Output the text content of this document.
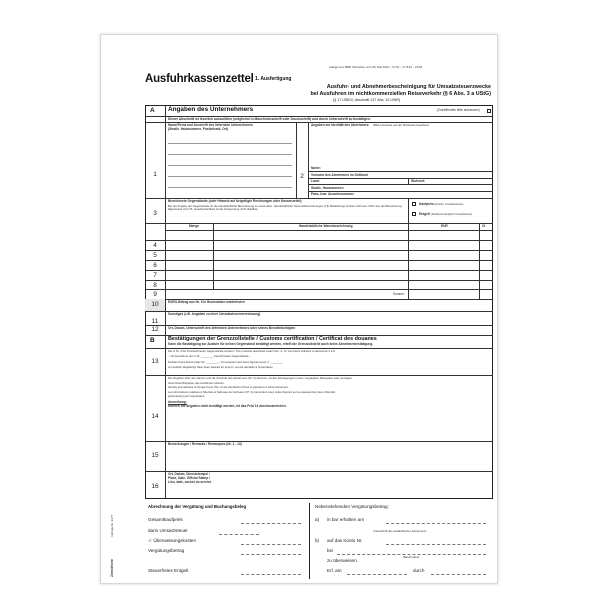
Anlage zum BMF-Schreiben vom 26. Mai 2004 – IV D1 – S 7133 – 21/04
Ausfuhrkassenzettel 1. Ausfertigung
Ausfuhr- und Abnehmerbescheinigung für Umsatzsteuerzwecke
bei Ausfuhren im nichtkommerziellen Reiseverkehr (§ 6 Abs. 3 a UStG)
(§ 17 UStDV, Abschnitt 137 Abs. 10 UStR)
A Angaben des Unternehmers	(Zutreffendes bitte ankreuzen)
Dieser Abschnitt ist leserlich auszufüllen (möglichst in Maschinenschrift oder Druckschrift) und durch Unterschrift zu bestätigen.
1	2
Name/Firma und Anschrift des liefernden Unternehmers
(Straße, Hausnummer, Postleitzahl, Ort)
Angaben zur Identität des Abnehmers: (Bitte Hinweise auf der Rückseite beachten)
Name:
Vorname des Abnehmers im Drittland
Land:	Wohnort:
Straße, Hausnummer:
Pass- bzw. Ausweisnummer:
3
Bezeichnete Gegenstände (oder Hinweis auf beigefügte Rechnungen oder Kassenzettel)
Bei der Angabe der Gegenstände ist die handelsübliche Bezeichnung zu verwenden. Handelsübliche Sammelbezeichnungen (z.B. Bekleidung) reichen nicht aus. Nicht aus der Bezeichnung allgemeiner Art (z.B. Geschenkartikel) ist die Verwendung nicht ableitbar.
Kaufpreis (einschl. Umsatzsteuer)
Entgelt (Kaufpreis abzüglich Umsatzsteuer)
Menge	Handelsübliche Warenbezeichnung	EUR	Ct
4
5
6
7
8
9	Summe:
10	EURO-Betrag aus Nr. 9 in Buchstaben wiederholen
11
Sonstiges (z.B. Angaben zu einer Umsatzsteuerverrechnung)
12	Ort, Datum, Unterschrift des liefernden Unternehmers oder seines Bevollmächtigten
B Bestätigungen der Grenzzollstelle / Customs certification / Certificat des douanes
Kann die Bestätigung zur Ausfuhr für keinen Gegenstand bestätigt werden, erteilt die Grenzzollstelle auch keine Abnehmerbestätigung.
13
Die in Nr. 4 bis 8 bezeichneten Gegenstände wurden / The products described under Nos. 4 - 8 / Les biens indiqués ci-dessus de 4 à 8
– mit Ausnahme der in Nr. ________ bezeichneten Gegenstände –
besides those listed under No. ________ / à l'exception des biens figurant sous n° ________
zur Ausfuhr abgefertigt have been cleared for export / ont été déclarés à l'exportation
14
Die Angaben über den Namen und die Anschrift des Abnehmers (Nr. 2) stimmen mit den Eintragungen in dem vorgelegten Reisepass oder sonstigen
Grenzübertrittspapier des Ausführers überein.
Identity and address of foreign buyer (No. 2) are identical to those in passport or travel document.
Les informations relatives à l'identité et l'adresse de l'acheteur (N° 2) concordent avec celles figurant sur le passeport/le pièce d'identité
présentée(s) par l'exportateur.
Anmerkung:
Können die Angaben nicht bestätigt werden, ist das Feld 14 durchzustreichen.
15
Bemerkungen / Remarks / Remarques (Nr. 1 - 14)
16
Ort, Datum, Dienststempel /
Place, Date, Official Stamp /
Lieu, date, cachet du service
Abrechnung der Vergütung und Buchungsbeleg
Gesamtkaufpreis
darin Umsatzsteuer
-/. Überweisungskosten
Vergütungsbetrag
Steuerfreies Entgelt
Nebenstehenden Vergütungsbetrag:
a) in bar erhalten am
Unterschrift des ausländischen Abnehmers
b) auf das Konto Nr.
bei
(Bankinstitut)
zu überweisen.
Erl. am	durch
Verlags-Nr. 2277
Zweckform
